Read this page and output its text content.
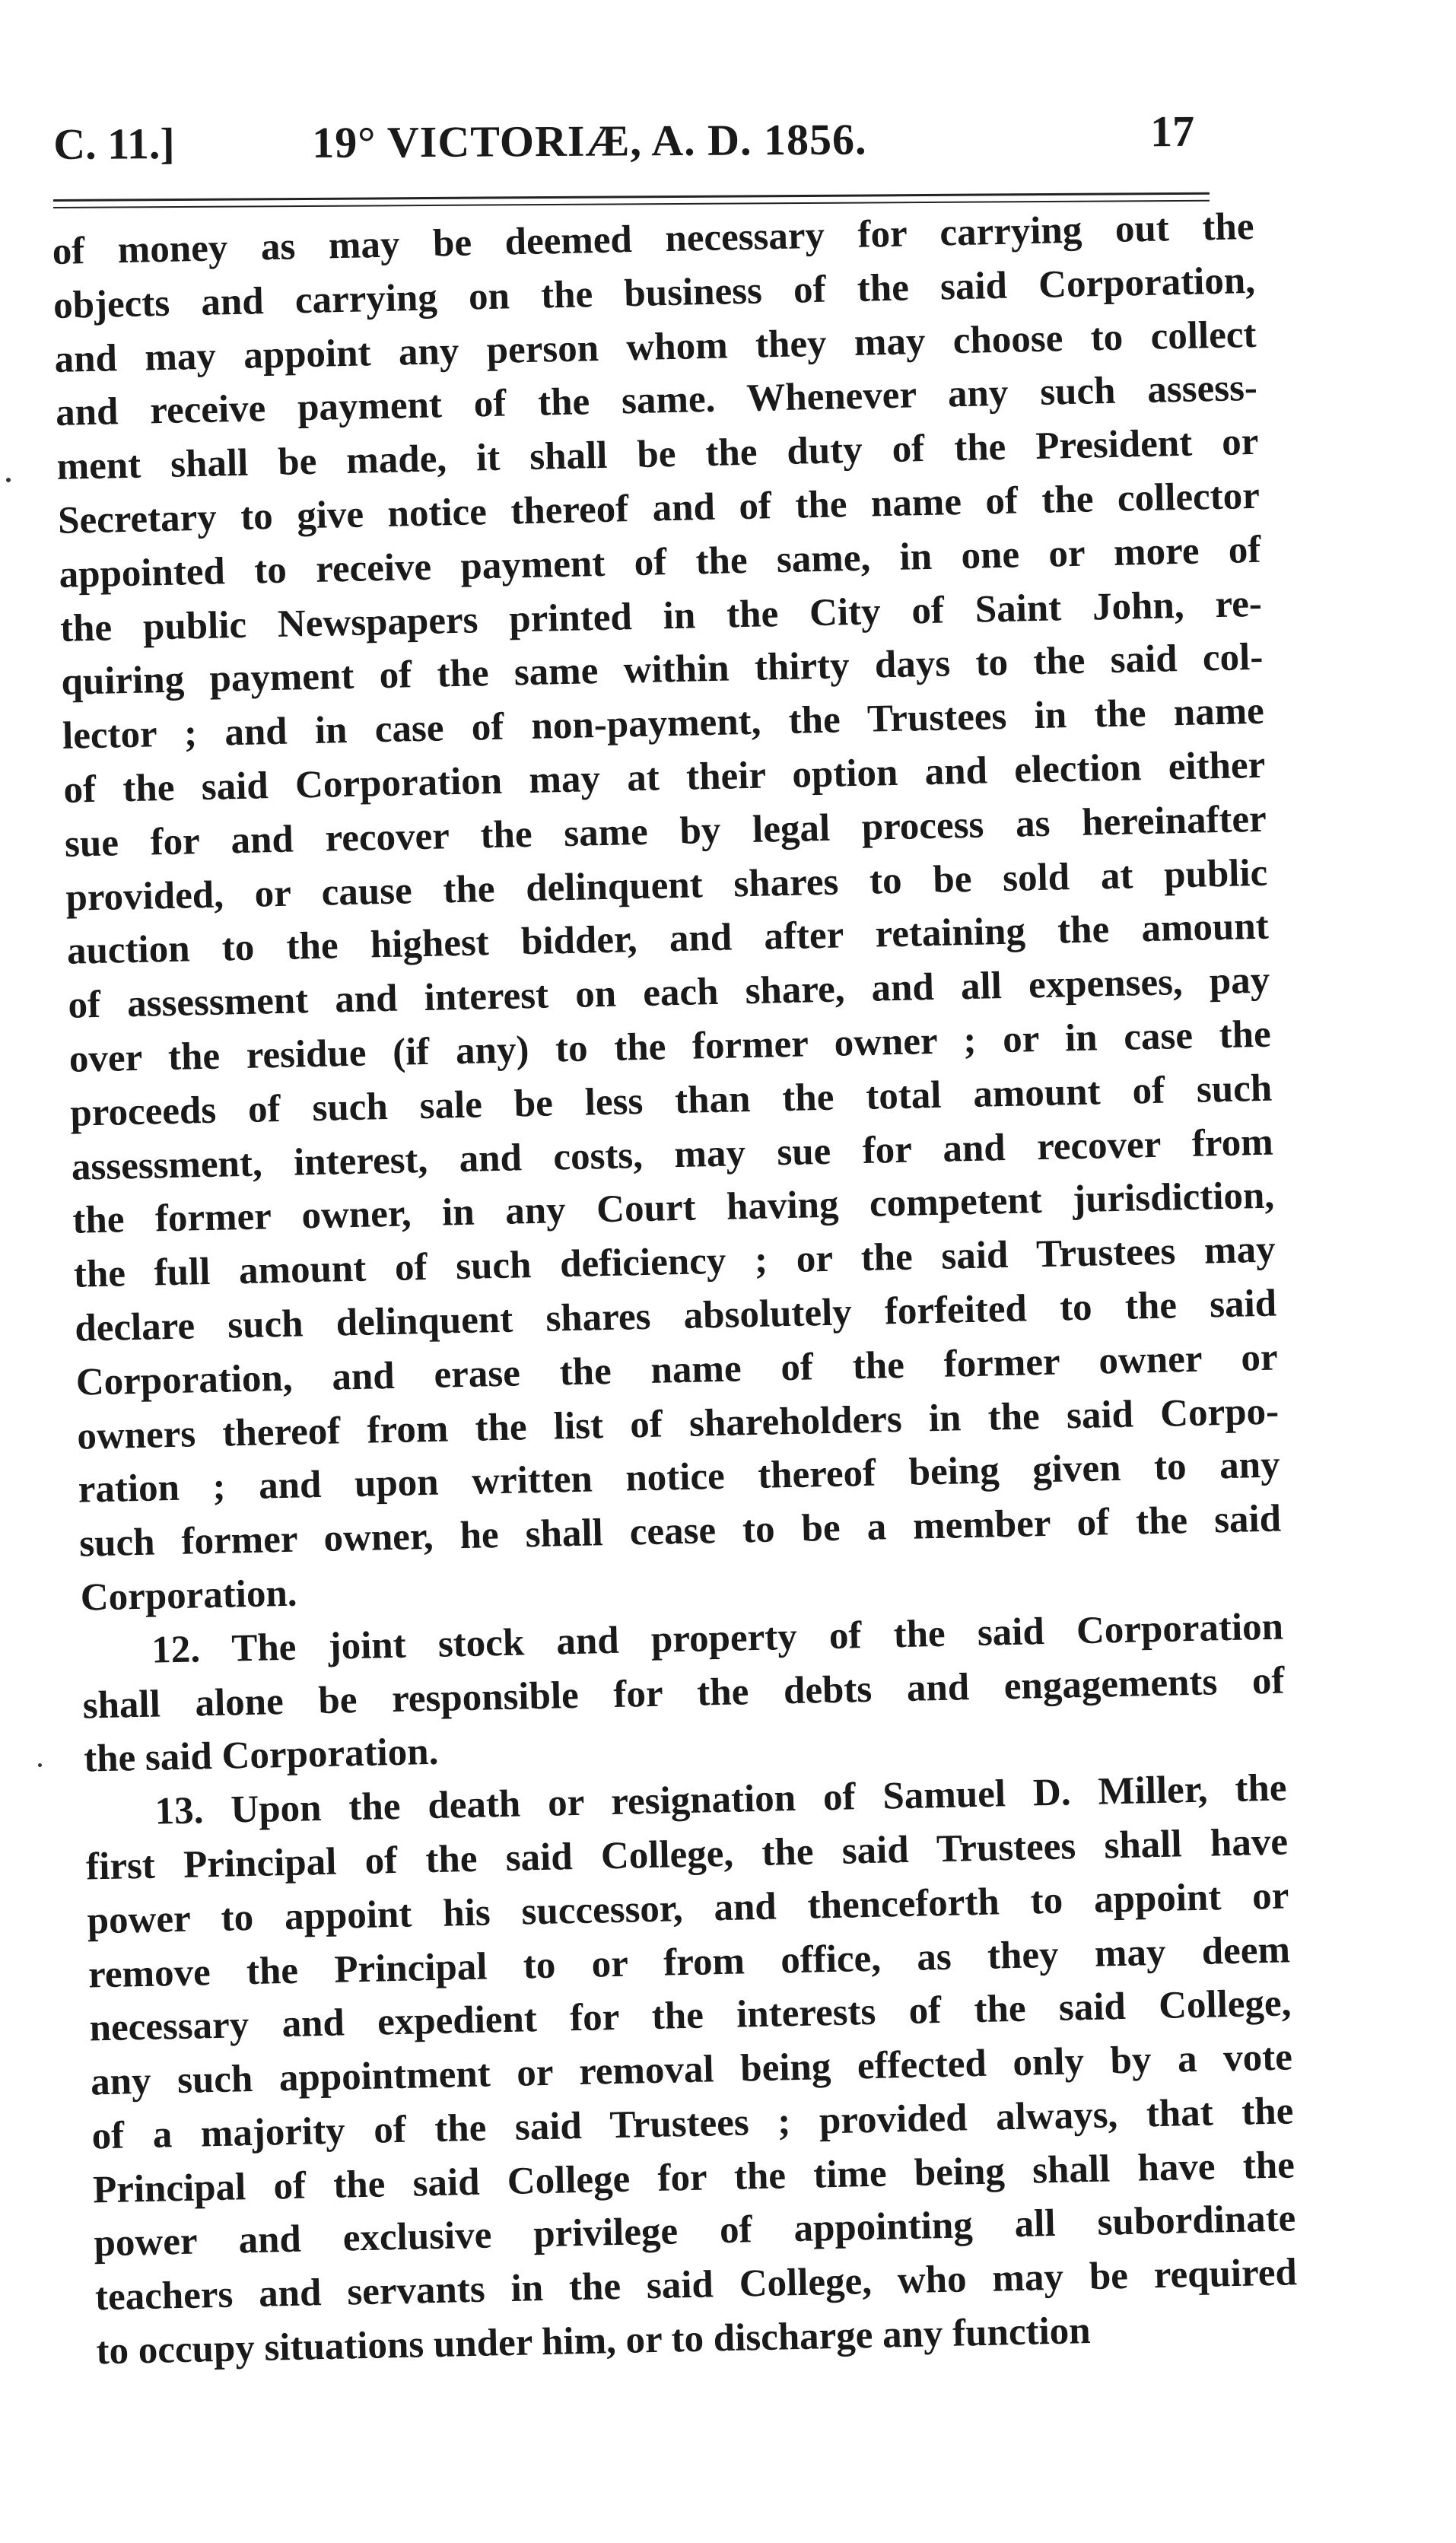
C. 11.]	19° VICTORIÆ, A. D. 1856.	17
of money as may be deemed necessary for carrying out the
objects and carrying on the business of the said Corporation,
and may appoint any person whom they may choose to collect
and receive payment of the same. Whenever any such assess-
ment shall be made, it shall be the duty of the President or
Secretary to give notice thereof and of the name of the collector
appointed to receive payment of the same, in one or more of
the public Newspapers printed in the City of Saint John, re-
quiring payment of the same within thirty days to the said col-
lector ; and in case of non-payment, the Trustees in the name
of the said Corporation may at their option and election either
sue for and recover the same by legal process as hereinafter
provided, or cause the delinquent shares to be sold at public
auction to the highest bidder, and after retaining the amount
of assessment and interest on each share, and all expenses, pay
over the residue (if any) to the former owner ; or in case the
proceeds of such sale be less than the total amount of such
assessment, interest, and costs, may sue for and recover from
the former owner, in any Court having competent jurisdiction,
the full amount of such deficiency ; or the said Trustees may
declare such delinquent shares absolutely forfeited to the said
Corporation, and erase the name of the former owner or
owners thereof from the list of shareholders in the said Corpo-
ration ; and upon written notice thereof being given to any
such former owner, he shall cease to be a member of the said
Corporation.
12. The joint stock and property of the said Corporation
shall alone be responsible for the debts and engagements of
the said Corporation.
13. Upon the death or resignation of Samuel D. Miller, the
first Principal of the said College, the said Trustees shall have
power to appoint his successor, and thenceforth to appoint or
remove the Principal to or from office, as they may deem
necessary and expedient for the interests of the said College,
any such appointment or removal being effected only by a vote
of a majority of the said Trustees ; provided always, that the
Principal of the said College for the time being shall have the
power and exclusive privilege of appointing all subordinate
teachers and servants in the said College, who may be required
to occupy situations under him, or to discharge any function
